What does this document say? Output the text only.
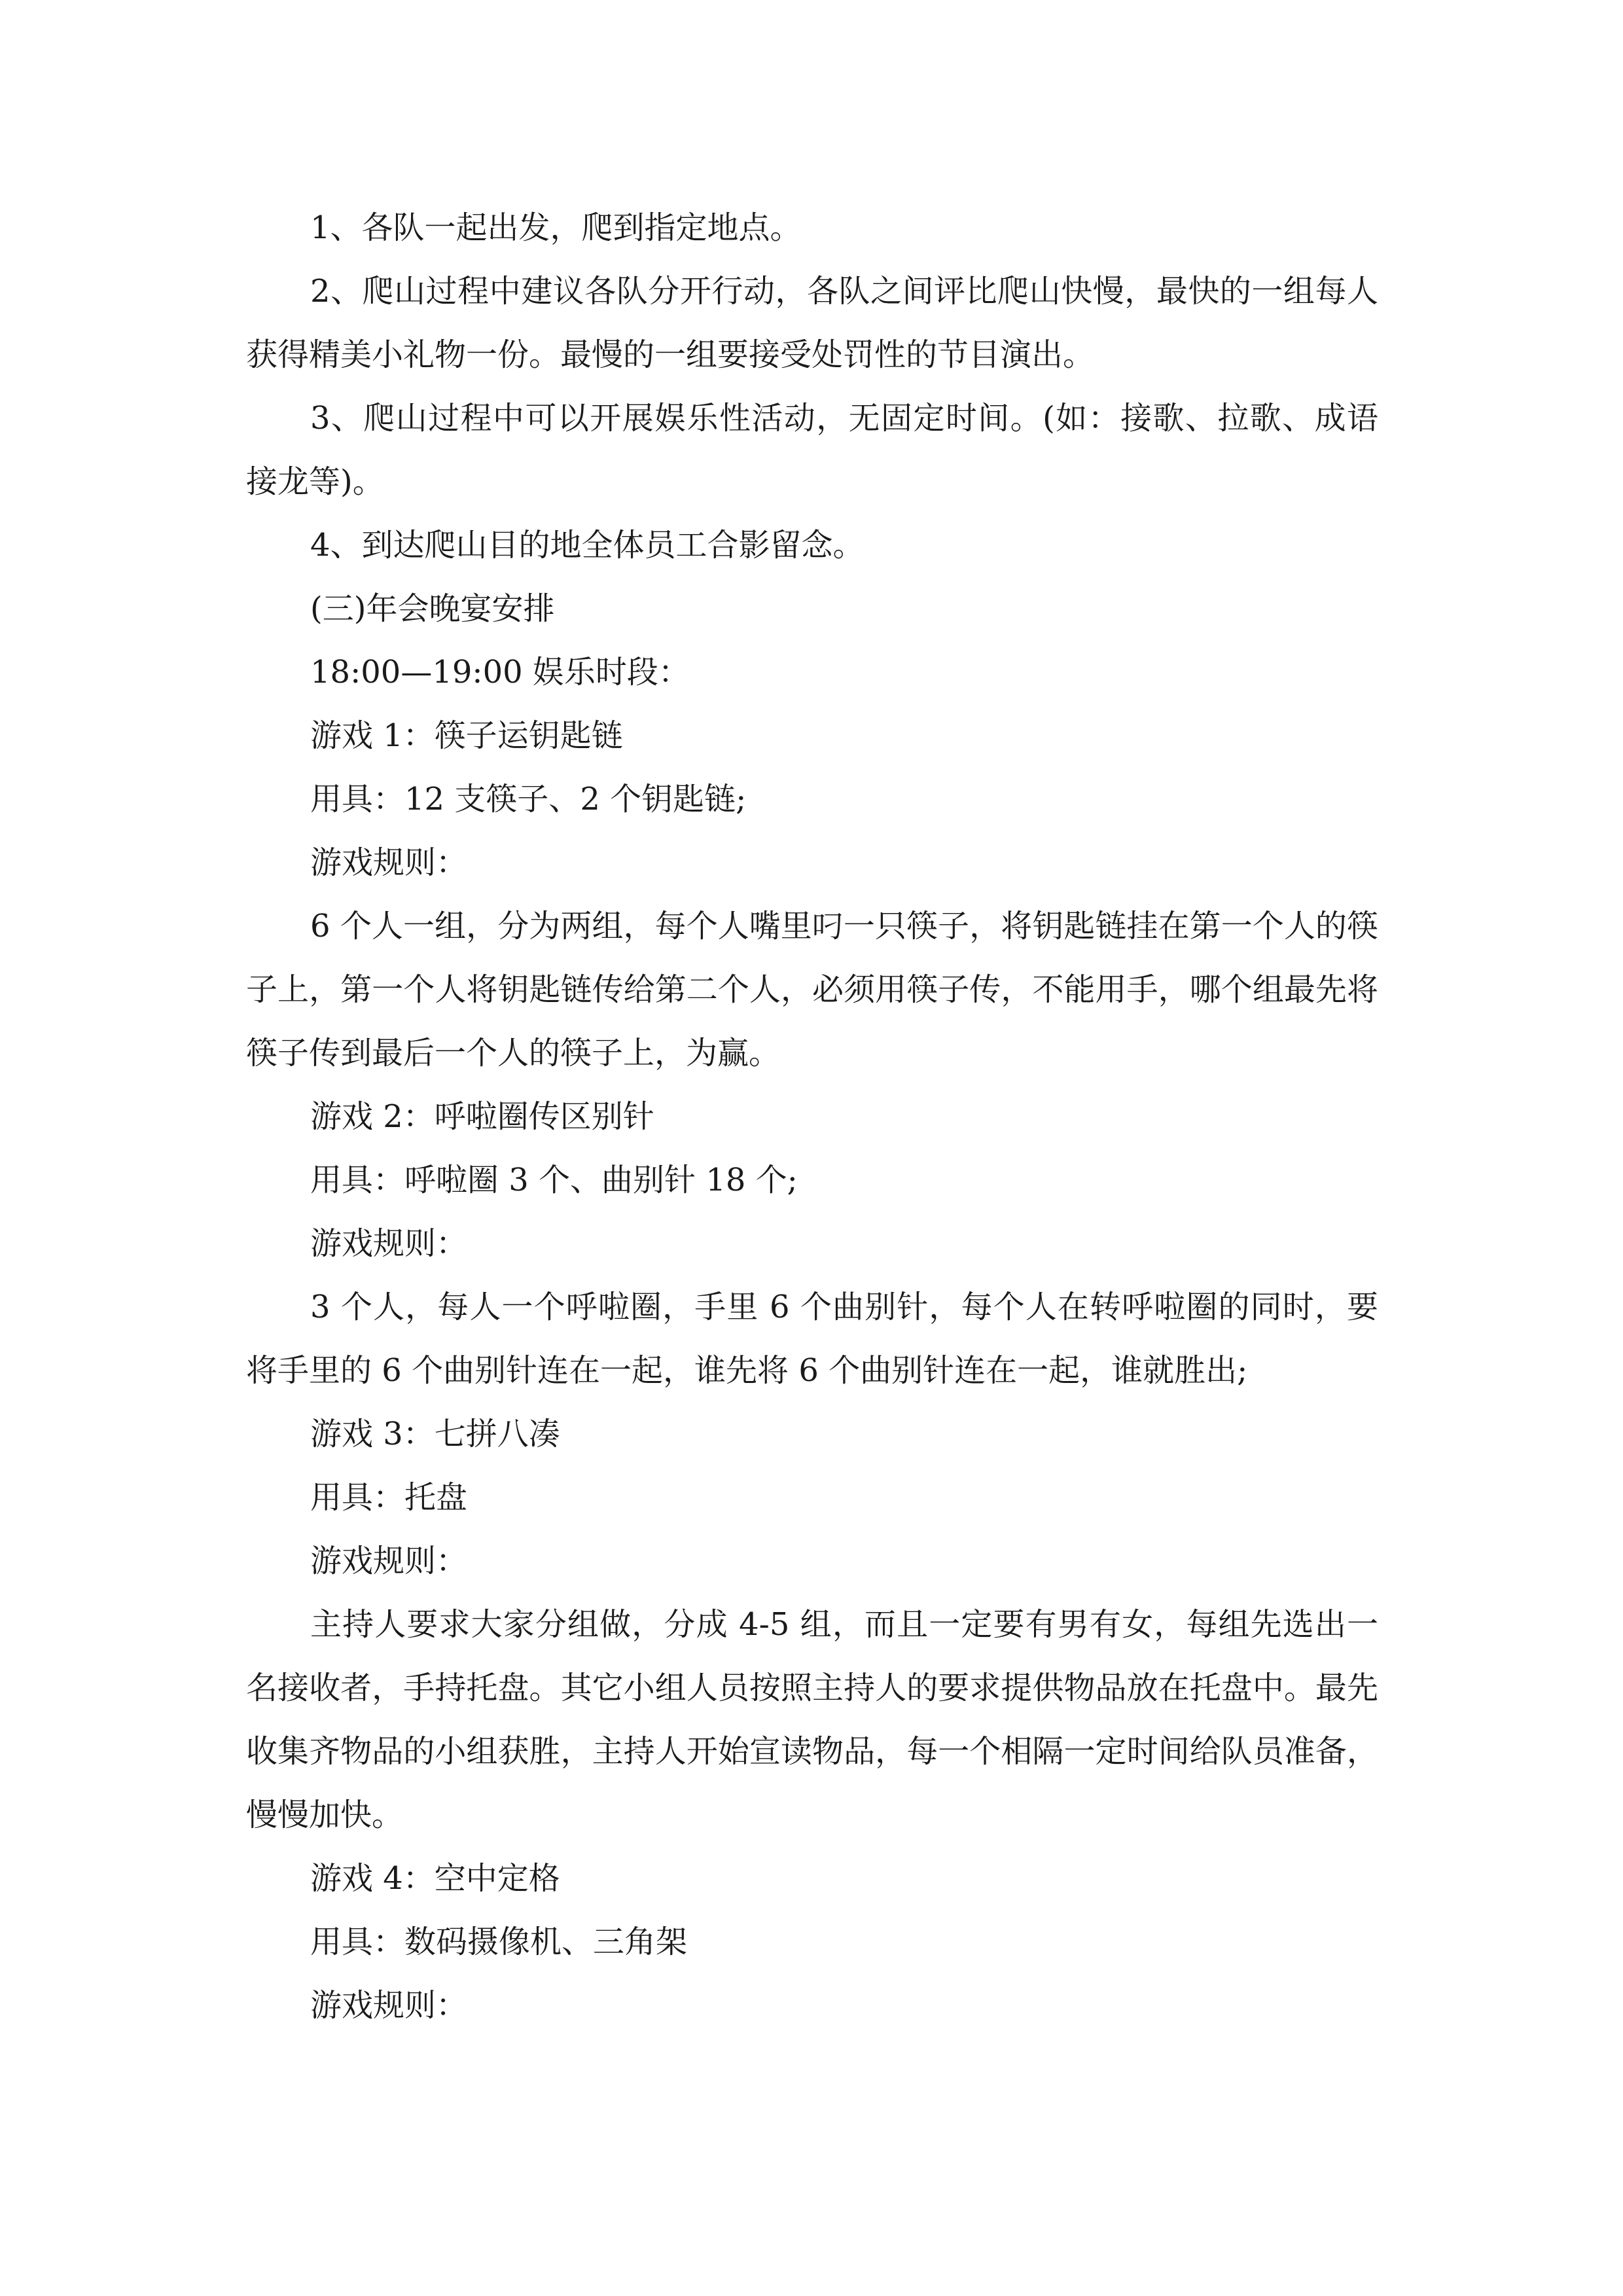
1、各队一起出发，爬到指定地点。

2、爬山过程中建议各队分开行动，各队之间评比爬山快慢，最快的一组每人获得精美小礼物一份。最慢的一组要接受处罚性的节目演出。

3、爬山过程中可以开展娱乐性活动，无固定时间。(如：接歌、拉歌、成语接龙等)。

4、到达爬山目的地全体员工合影留念。

(三)年会晚宴安排

18:00—19:00 娱乐时段：

游戏 1：筷子运钥匙链

用具：12 支筷子、2 个钥匙链;

游戏规则：

6 个人一组，分为两组，每个人嘴里叼一只筷子，将钥匙链挂在第一个人的筷子上，第一个人将钥匙链传给第二个人，必须用筷子传，不能用手，哪个组最先将筷子传到最后一个人的筷子上，为赢。

游戏 2：呼啦圈传区别针

用具：呼啦圈 3 个、曲别针 18 个;

游戏规则：

3 个人，每人一个呼啦圈，手里 6 个曲别针，每个人在转呼啦圈的同时，要将手里的 6 个曲别针连在一起，谁先将 6 个曲别针连在一起，谁就胜出;

游戏 3：七拼八凑

用具：托盘

游戏规则：

主持人要求大家分组做，分成 4-5 组，而且一定要有男有女，每组先选出一名接收者，手持托盘。其它小组人员按照主持人的要求提供物品放在托盘中。最先收集齐物品的小组获胜，主持人开始宣读物品，每一个相隔一定时间给队员准备，慢慢加快。

游戏 4：空中定格

用具：数码摄像机、三角架

游戏规则：
